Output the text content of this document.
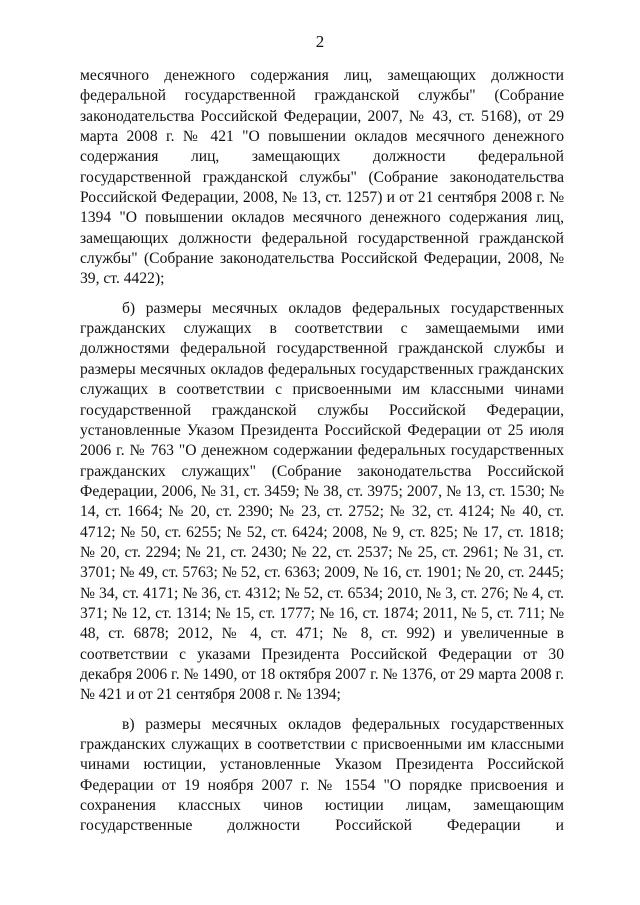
2

месячного денежного содержания лиц, замещающих должности федеральной государственной гражданской службы" (Собрание законодательства Российской Федерации, 2007, № 43, ст. 5168), от 29 марта 2008 г. № 421 "О повышении окладов месячного денежного содержания лиц, замещающих должности федеральной государственной гражданской службы" (Собрание законодательства Российской Федерации, 2008, № 13, ст. 1257) и от 21 сентября 2008 г. № 1394 "О повышении окладов месячного денежного содержания лиц, замещающих должности федеральной государственной гражданской службы" (Собрание законодательства Российской Федерации, 2008, № 39, ст. 4422);

б) размеры месячных окладов федеральных государственных гражданских служащих в соответствии с замещаемыми ими должностями федеральной государственной гражданской службы и размеры месячных окладов федеральных государственных гражданских служащих в соответствии с присвоенными им классными чинами государственной гражданской службы Российской Федерации, установленные Указом Президента Российской Федерации от 25 июля 2006 г. № 763 "О денежном содержании федеральных государственных гражданских служащих" (Собрание законодательства Российской Федерации, 2006, № 31, ст. 3459; № 38, ст. 3975; 2007, № 13, ст. 1530; № 14, ст. 1664; № 20, ст. 2390; № 23, ст. 2752; № 32, ст. 4124; № 40, ст. 4712; № 50, ст. 6255; № 52, ст. 6424; 2008, № 9, ст. 825; № 17, ст. 1818; № 20, ст. 2294; № 21, ст. 2430; № 22, ст. 2537; № 25, ст. 2961; № 31, ст. 3701; № 49, ст. 5763; № 52, ст. 6363; 2009, № 16, ст. 1901; № 20, ст. 2445; № 34, ст. 4171; № 36, ст. 4312; № 52, ст. 6534; 2010, № 3, ст. 276; № 4, ст. 371; № 12, ст. 1314; № 15, ст. 1777; № 16, ст. 1874; 2011, № 5, ст. 711; № 48, ст. 6878; 2012, № 4, ст. 471; № 8, ст. 992) и увеличенные в соответствии с указами Президента Российской Федерации от 30 декабря 2006 г. № 1490, от 18 октября 2007 г. № 1376, от 29 марта 2008 г. № 421 и от 21 сентября 2008 г. № 1394;

в) размеры месячных окладов федеральных государственных гражданских служащих в соответствии с присвоенными им классными чинами юстиции, установленные Указом Президента Российской Федерации от 19 ноября 2007 г. № 1554 "О порядке присвоения и сохранения классных чинов юстиции лицам, замещающим государственные должности Российской Федерации и
